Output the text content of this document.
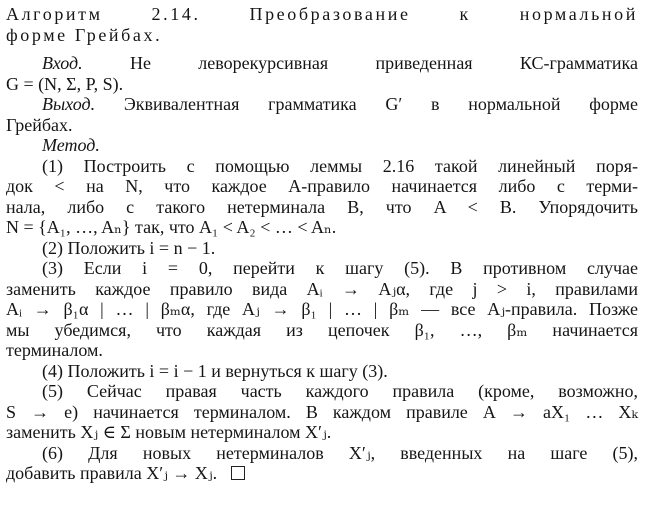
Алгоритм 2.14. Преобразование к нормальной
форме Грейбах.

Вход. Не леворекурсивная приведенная КС-грамматика

G = (N, Σ, P, S).

Выход. Эквивалентная грамматика G′ в нормальной форме

Грейбах.

Метод.

(1) Построить с помощью леммы 2.16 такой линейный поря-

док < на N, что каждое A-правило начинается либо с терми-

нала, либо с такого нетерминала B, что A < B. Упорядочить

N = {A₁, …, Aₙ} так, что A₁ < A₂ < … < Aₙ.

(2) Положить i = n − 1.

(3) Если i = 0, перейти к шагу (5). В противном случае

заменить каждое правило вида Aᵢ → Aⱼα, где j > i, правилами

Aᵢ → β₁α | … | βₘα, где Aⱼ → β₁ | … | βₘ — все Aⱼ-правила. Позже

мы убедимся, что каждая из цепочек β₁, …, βₘ начинается

терминалом.

(4) Положить i = i − 1 и вернуться к шагу (3).

(5) Сейчас правая часть каждого правила (кроме, возможно,

S → e) начинается терминалом. В каждом правиле A → aX₁ … Xₖ

заменить Xⱼ ∈ Σ новым нетерминалом X′ⱼ.

(6) Для новых нетерминалов X′ⱼ, введенных на шаге (5),

добавить правила X′ⱼ → Xⱼ.
